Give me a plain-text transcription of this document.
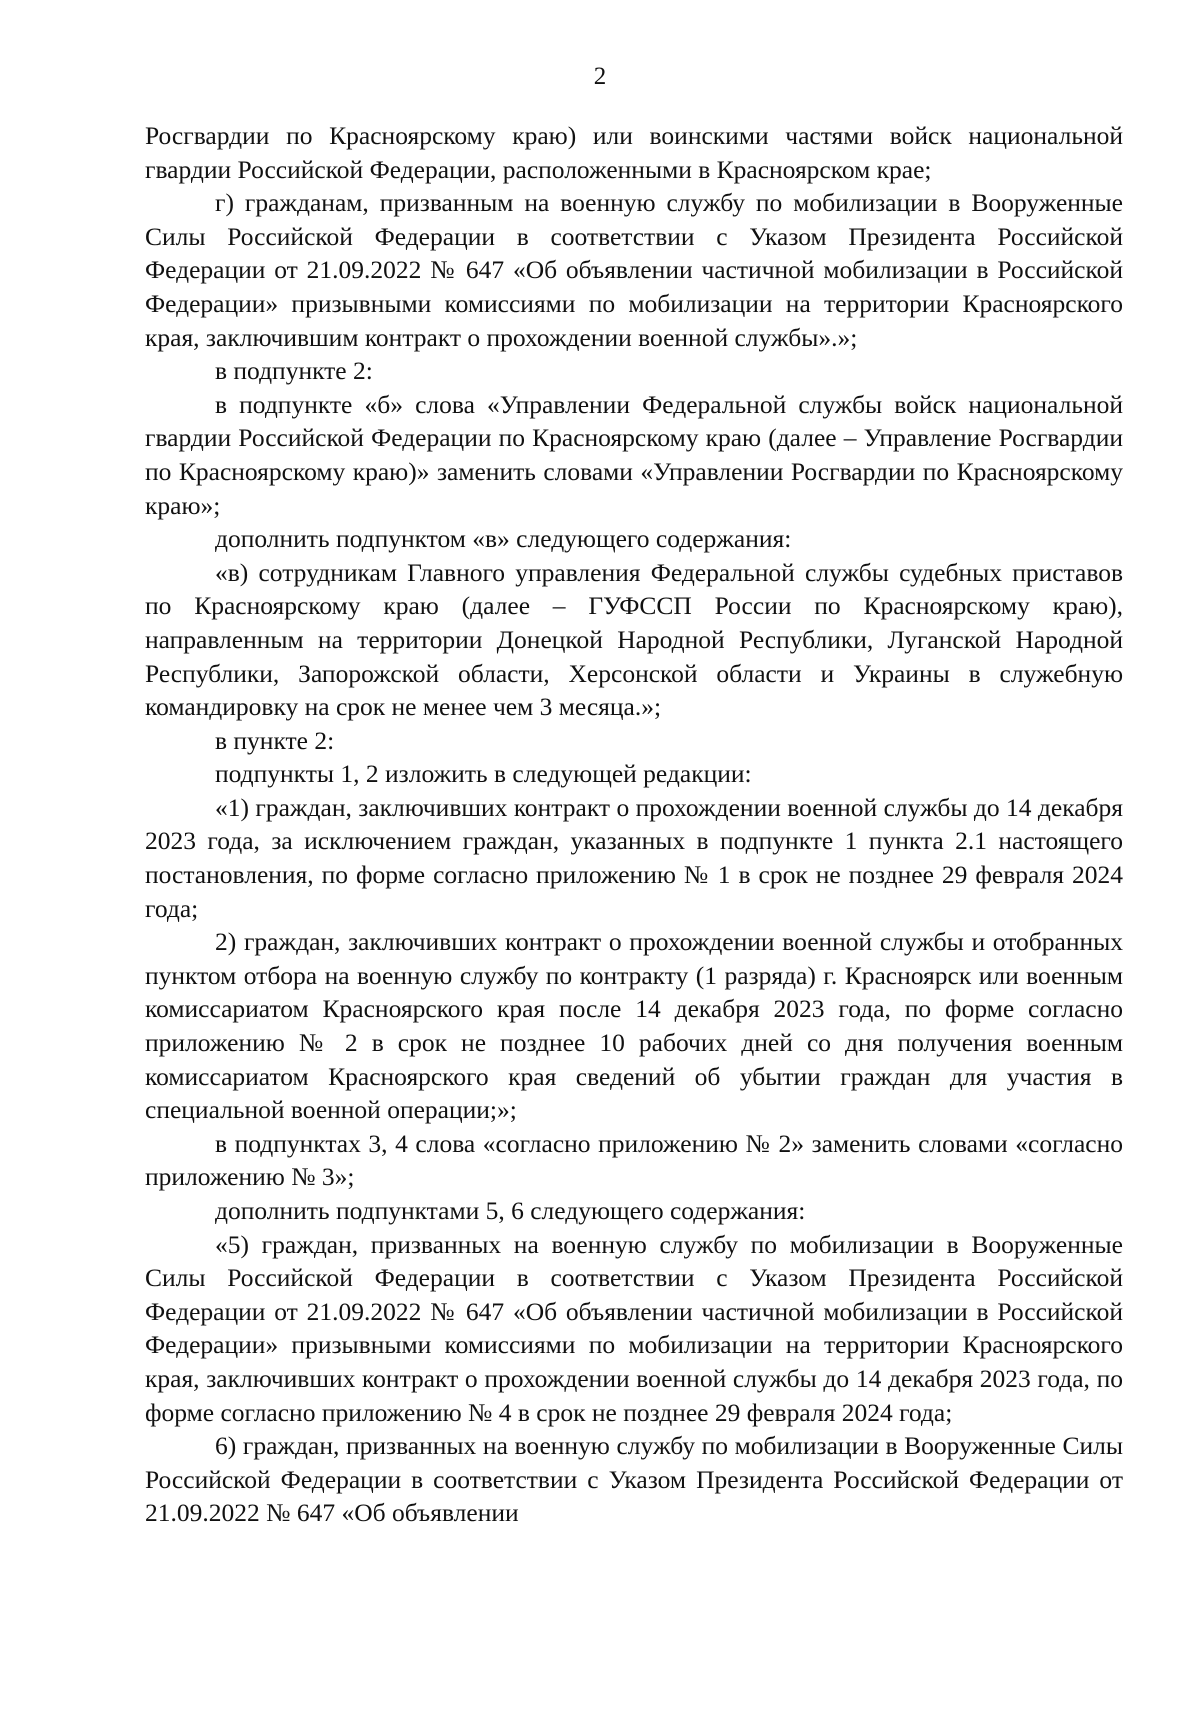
2

Росгвардии по Красноярскому краю) или воинскими частями войск национальной гвардии Российской Федерации, расположенными в Красноярском крае;

г) гражданам, призванным на военную службу по мобилизации в Вооруженные Силы Российской Федерации в соответствии с Указом Президента Российской Федерации от 21.09.2022 № 647 «Об объявлении частичной мобилизации в Российской Федерации» призывными комиссиями по мобилизации на территории Красноярского края, заключившим контракт о прохождении военной службы».»;

в подпункте 2:

в подпункте «б» слова «Управлении Федеральной службы войск национальной гвардии Российской Федерации по Красноярскому краю (далее – Управление Росгвардии по Красноярскому краю)» заменить словами «Управлении Росгвардии по Красноярскому краю»;

дополнить подпунктом «в» следующего содержания:

«в) сотрудникам Главного управления Федеральной службы судебных приставов по Красноярскому краю (далее – ГУФССП России по Красноярскому краю), направленным на территории Донецкой Народной Республики, Луганской Народной Республики, Запорожской области, Херсонской области и Украины в служебную командировку на срок не менее чем 3 месяца.»;

в пункте 2:

подпункты 1, 2 изложить в следующей редакции:

«1) граждан, заключивших контракт о прохождении военной службы до 14 декабря 2023 года, за исключением граждан, указанных в подпункте 1 пункта 2.1 настоящего постановления, по форме согласно приложению № 1 в срок не позднее 29 февраля 2024 года;

2) граждан, заключивших контракт о прохождении военной службы и отобранных пунктом отбора на военную службу по контракту (1 разряда) г. Красноярск или военным комиссариатом Красноярского края после 14 декабря 2023 года, по форме согласно приложению № 2 в срок не позднее 10 рабочих дней со дня получения военным комиссариатом Красноярского края сведений об убытии граждан для участия в специальной военной операции;»;

в подпунктах 3, 4 слова «согласно приложению № 2» заменить словами «согласно приложению № 3»;

дополнить подпунктами 5, 6 следующего содержания:

«5) граждан, призванных на военную службу по мобилизации в Вооруженные Силы Российской Федерации в соответствии с Указом Президента Российской Федерации от 21.09.2022 № 647 «Об объявлении частичной мобилизации в Российской Федерации» призывными комиссиями по мобилизации на территории Красноярского края, заключивших контракт о прохождении военной службы до 14 декабря 2023 года, по форме согласно приложению № 4 в срок не позднее 29 февраля 2024 года;

6) граждан, призванных на военную службу по мобилизации в Вооруженные Силы Российской Федерации в соответствии с Указом Президента Российской Федерации от 21.09.2022 № 647 «Об объявлении
